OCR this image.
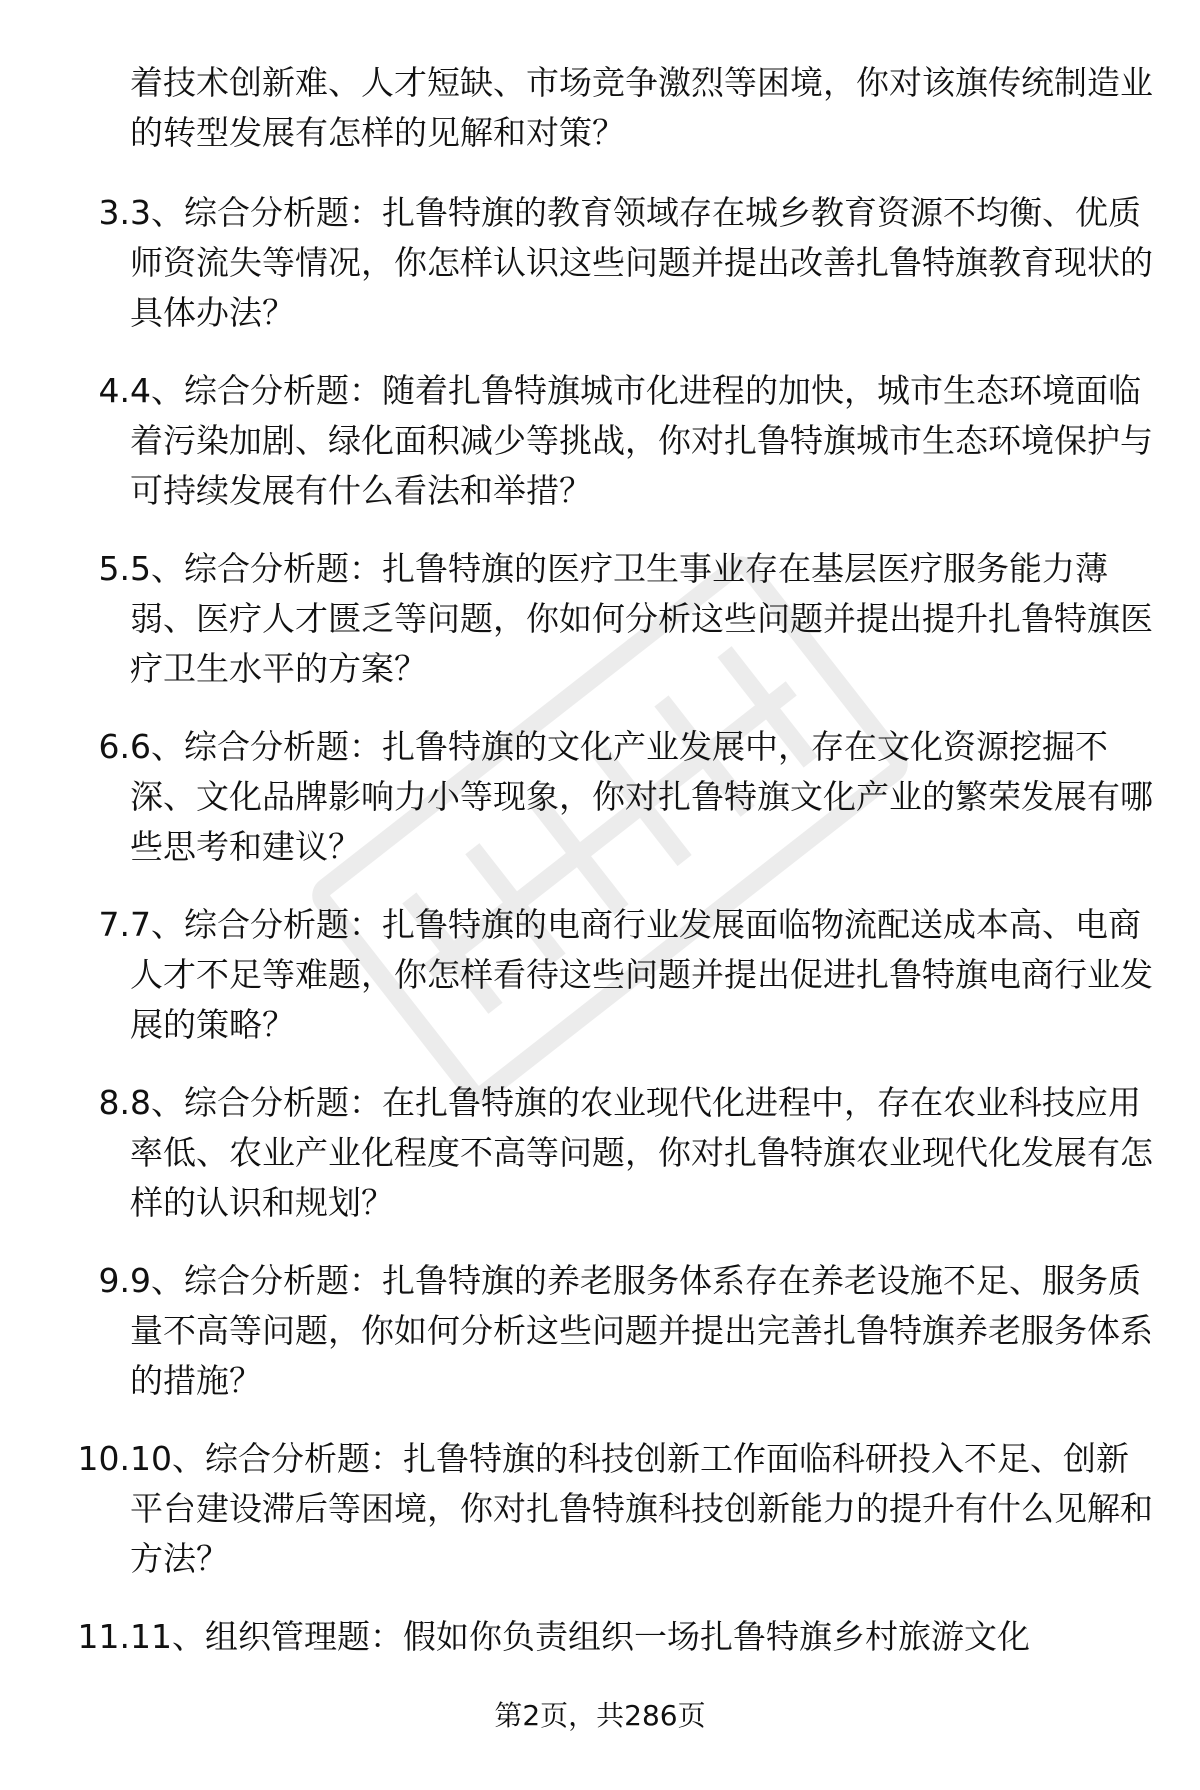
着技术创新难、人才短缺、市场竞争激烈等困境，你对该旗传统制造业的转型发展有怎样的见解和对策？

3. 3、综合分析题：扎鲁特旗的教育领域存在城乡教育资源不均衡、优质师资流失等情况，你怎样认识这些问题并提出改善扎鲁特旗教育现状的具体办法？

4. 4、综合分析题：随着扎鲁特旗城市化进程的加快，城市生态环境面临着污染加剧、绿化面积减少等挑战，你对扎鲁特旗城市生态环境保护与可持续发展有什么看法和举措？

5. 5、综合分析题：扎鲁特旗的医疗卫生事业存在基层医疗服务能力薄弱、医疗人才匮乏等问题，你如何分析这些问题并提出提升扎鲁特旗医疗卫生水平的方案？

6. 6、综合分析题：扎鲁特旗的文化产业发展中，存在文化资源挖掘不深、文化品牌影响力小等现象，你对扎鲁特旗文化产业的繁荣发展有哪些思考和建议？

7. 7、综合分析题：扎鲁特旗的电商行业发展面临物流配送成本高、电商人才不足等难题，你怎样看待这些问题并提出促进扎鲁特旗电商行业发展的策略？

8. 8、综合分析题：在扎鲁特旗的农业现代化进程中，存在农业科技应用率低、农业产业化程度不高等问题，你对扎鲁特旗农业现代化发展有怎样的认识和规划？

9. 9、综合分析题：扎鲁特旗的养老服务体系存在养老设施不足、服务质量不高等问题，你如何分析这些问题并提出完善扎鲁特旗养老服务体系的措施？

10. 10、综合分析题：扎鲁特旗的科技创新工作面临科研投入不足、创新平台建设滞后等困境，你对扎鲁特旗科技创新能力的提升有什么见解和方法？

11. 11、组织管理题：假如你负责组织一场扎鲁特旗乡村旅游文化

第2页，共286页
